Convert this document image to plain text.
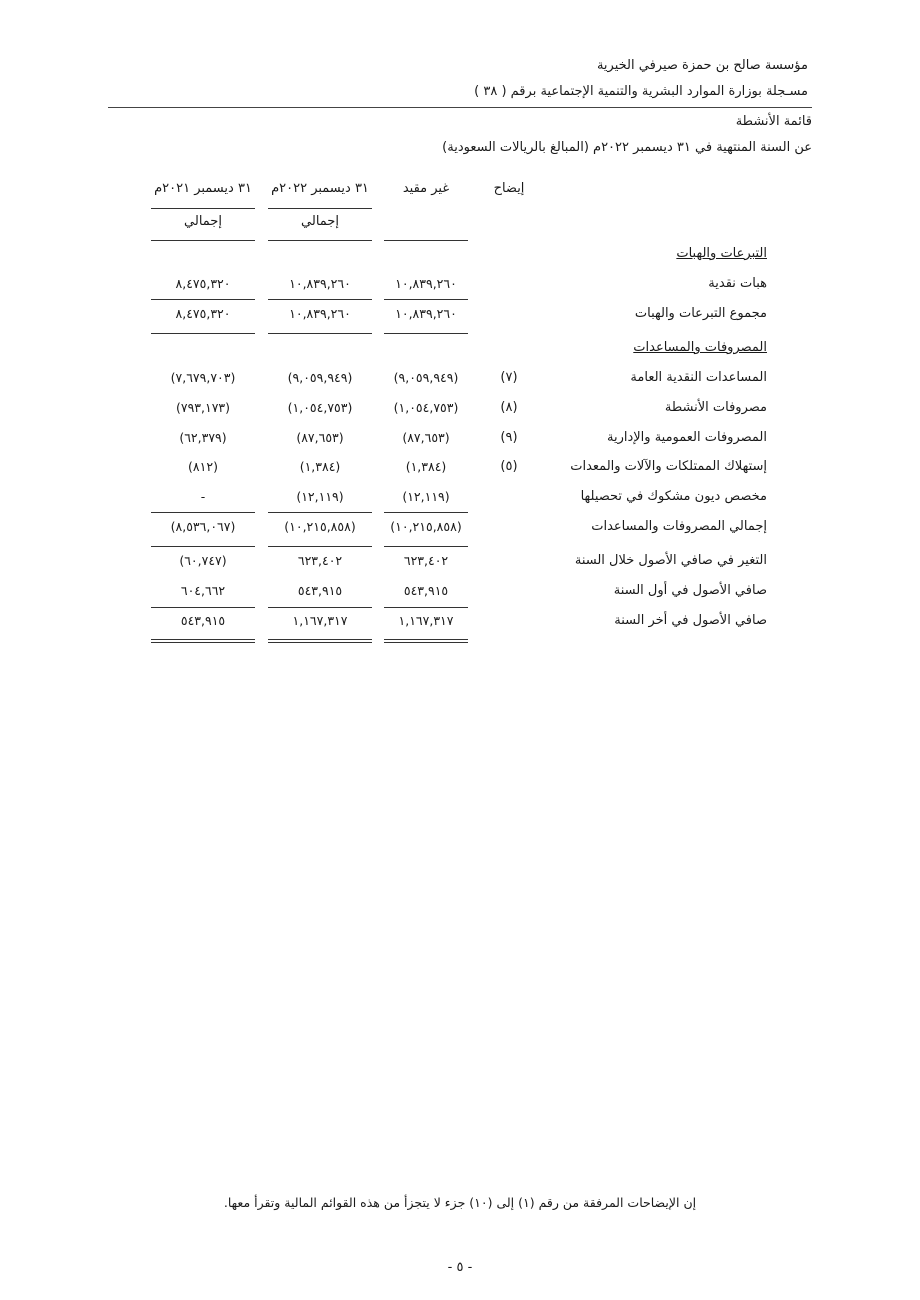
مؤسسة صالح بن حمزة صيرفي الخيرية
مسـجلة بوزارة الموارد البشرية والتنمية الإجتماعية برقم ( ٣٨ )
قائمة الأنشطة
عن السنة المنتهية في ٣١ ديسمبر ٢٠٢٢م (المبالغ بالريالات السعودية)
إيضاح
غير مقيد
٣١ ديسمبر ٢٠٢٢م
٣١ ديسمبر ٢٠٢١م
إجمالي
إجمالي
التبرعات والهبات
هبات نقدية
١٠,٨٣٩,٢٦٠
١٠,٨٣٩,٢٦٠
٨,٤٧٥,٣٢٠
مجموع التبرعات والهبات
١٠,٨٣٩,٢٦٠
١٠,٨٣٩,٢٦٠
٨,٤٧٥,٣٢٠
المصروفات والمساعدات
المساعدات النقدية العامة
(٧)
(٩,٠٥٩,٩٤٩)
(٩,٠٥٩,٩٤٩)
(٧,٦٧٩,٧٠٣)
مصروفات الأنشطة
(٨)
(١,٠٥٤,٧٥٣)
(١,٠٥٤,٧٥٣)
(٧٩٣,١٧٣)
المصروفات العمومية والإدارية
(٩)
(٨٧,٦٥٣)
(٨٧,٦٥٣)
(٦٢,٣٧٩)
إستهلاك الممتلكات والآلات والمعدات
(٥)
(١,٣٨٤)
(١,٣٨٤)
(٨١٢)
مخصص ديون مشكوك في تحصيلها
(١٢,١١٩)
(١٢,١١٩)
-
إجمالي المصروفات والمساعدات
(١٠,٢١٥,٨٥٨)
(١٠,٢١٥,٨٥٨)
(٨,٥٣٦,٠٦٧)
التغير في صافي الأصول خلال السنة
٦٢٣,٤٠٢
٦٢٣,٤٠٢
(٦٠,٧٤٧)
صافي الأصول في أول السنة
٥٤٣,٩١٥
٥٤٣,٩١٥
٦٠٤,٦٦٢
صافي الأصول في أخر السنة
١,١٦٧,٣١٧
١,١٦٧,٣١٧
٥٤٣,٩١٥
إن الإيضاحات المرفقة من رقم (١) إلى (١٠) جزء لا يتجزأ من هذه القوائم المالية وتقرأ معها.
- ٥ -
